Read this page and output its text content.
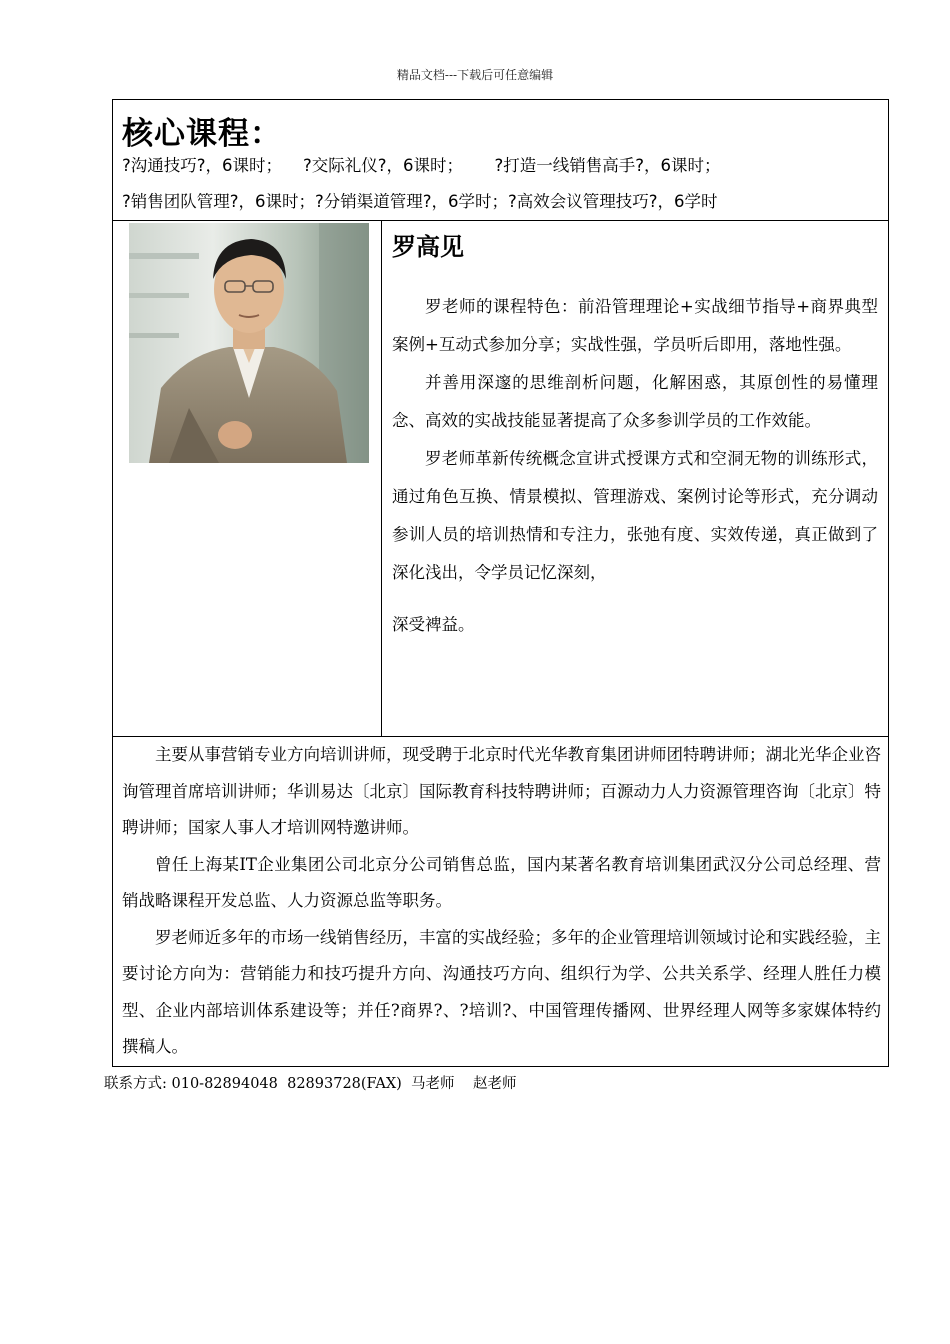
精品文档---下载后可任意编辑
核心课程：
?沟通技巧?，6课时；    ?交际礼仪?，6课时；      ?打造一线销售高手?，6课时；
?销售团队管理?，6课时；?分销渠道管理?，6学时；?高效会议管理技巧?，6学时
罗高见

罗老师的课程特色：前沿管理理论+实战细节指导+商界典型案例+互动式参加分享；实战性强，学员听后即用，落地性强。

并善用深邃的思维剖析问题，化解困惑，其原创性的易懂理念、高效的实战技能显著提高了众多参训学员的工作效能。

罗老师革新传统概念宣讲式授课方式和空洞无物的训练形式，通过角色互换、情景模拟、管理游戏、案例讨论等形式，充分调动参训人员的培训热情和专注力，张弛有度、实效传递，真正做到了深化浅出，令学员记忆深刻，

深受裨益。

主要从事营销专业方向培训讲师，现受聘于北京时代光华教育集团讲师团特聘讲师；湖北光华企业咨询管理首席培训讲师；华训易达〔北京〕国际教育科技特聘讲师；百源动力人力资源管理咨询〔北京〕特聘讲师；国家人事人才培训网特邀讲师。

曾任上海某IT企业集团公司北京分公司销售总监，国内某著名教育培训集团武汉分公司总经理、营销战略课程开发总监、人力资源总监等职务。

罗老师近多年的市场一线销售经历，丰富的实战经验；多年的企业管理培训领域讨论和实践经验，主要讨论方向为：营销能力和技巧提升方向、沟通技巧方向、组织行为学、公共关系学、经理人胜任力模型、企业内部培训体系建设等；并任?商界?、?培训?、中国管理传播网、世界经理人网等多家媒体特约撰稿人。

联系方式: 010-82894048  82893728(FAX)  马老师    赵老师
